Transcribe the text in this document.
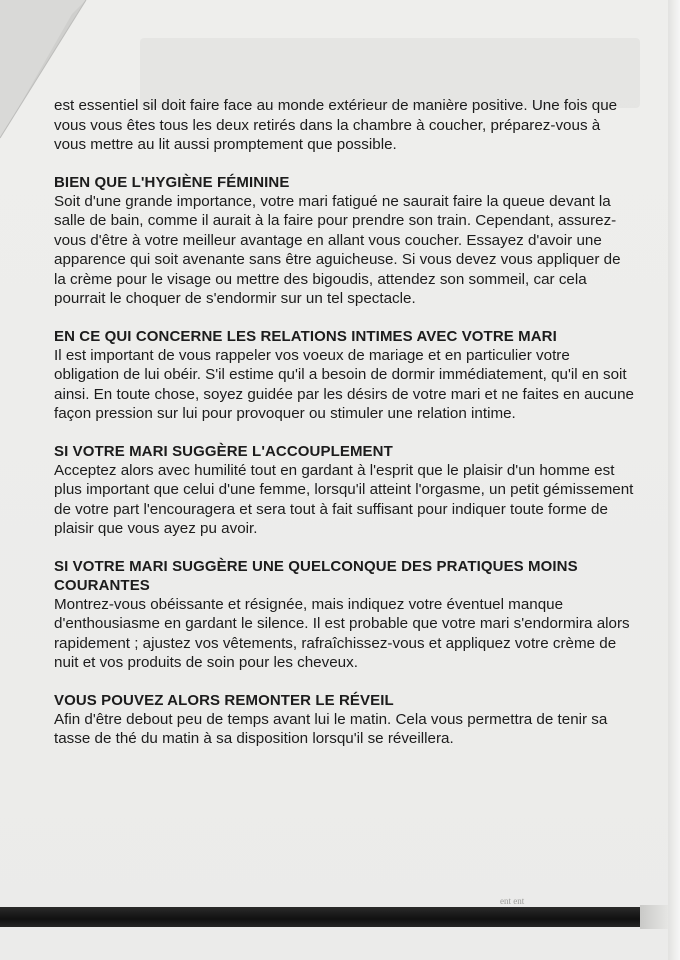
est essentiel sil doit faire face au monde extérieur de manière positive. Une fois que vous vous êtes tous les deux retirés dans la chambre à coucher, préparez-vous à vous mettre au lit aussi promptement que possible.

BIEN QUE L'HYGIÈNE FÉMININE

Soit d'une grande importance, votre mari fatigué ne saurait faire la queue devant la salle de bain, comme il aurait à la faire pour prendre son train. Cependant, assurez-vous d'être à votre meilleur avantage en allant vous coucher. Essayez d'avoir une apparence qui soit avenante sans être aguicheuse. Si vous devez vous appliquer de la crème pour le visage ou mettre des bigoudis, attendez son sommeil, car cela pourrait le choquer de s'endormir sur un tel spectacle.

EN CE QUI CONCERNE LES RELATIONS INTIMES AVEC VOTRE MARI

Il est important de vous rappeler vos voeux de mariage et en particulier votre obligation de lui obéir. S'il estime qu'il a besoin de dormir immédiatement, qu'il en soit ainsi. En toute chose, soyez guidée par les désirs de votre mari et ne faites en aucune façon pression sur lui pour provoquer ou stimuler une relation intime.

SI VOTRE MARI SUGGÈRE L'ACCOUPLEMENT

Acceptez alors avec humilité tout en gardant à l'esprit que le plaisir d'un homme est plus important que celui d'une femme, lorsqu'il atteint l'orgasme, un petit gémissement de votre part l'encouragera et sera tout à fait suffisant pour indiquer toute forme de plaisir que vous ayez pu avoir.

SI VOTRE MARI SUGGÈRE UNE QUELCONQUE DES PRATIQUES MOINS COURANTES

Montrez-vous obéissante et résignée, mais indiquez votre éventuel manque d'enthousiasme en gardant le silence. Il est probable que votre mari s'endormira alors rapidement ; ajustez vos vêtements, rafraîchissez-vous et appliquez votre crème de nuit et vos produits de soin pour les cheveux.

VOUS POUVEZ ALORS REMONTER LE RÉVEIL

Afin d'être debout peu de temps avant lui le matin. Cela vous permettra de tenir sa tasse de thé du matin à sa disposition lorsqu'il se réveillera.

ent ent
